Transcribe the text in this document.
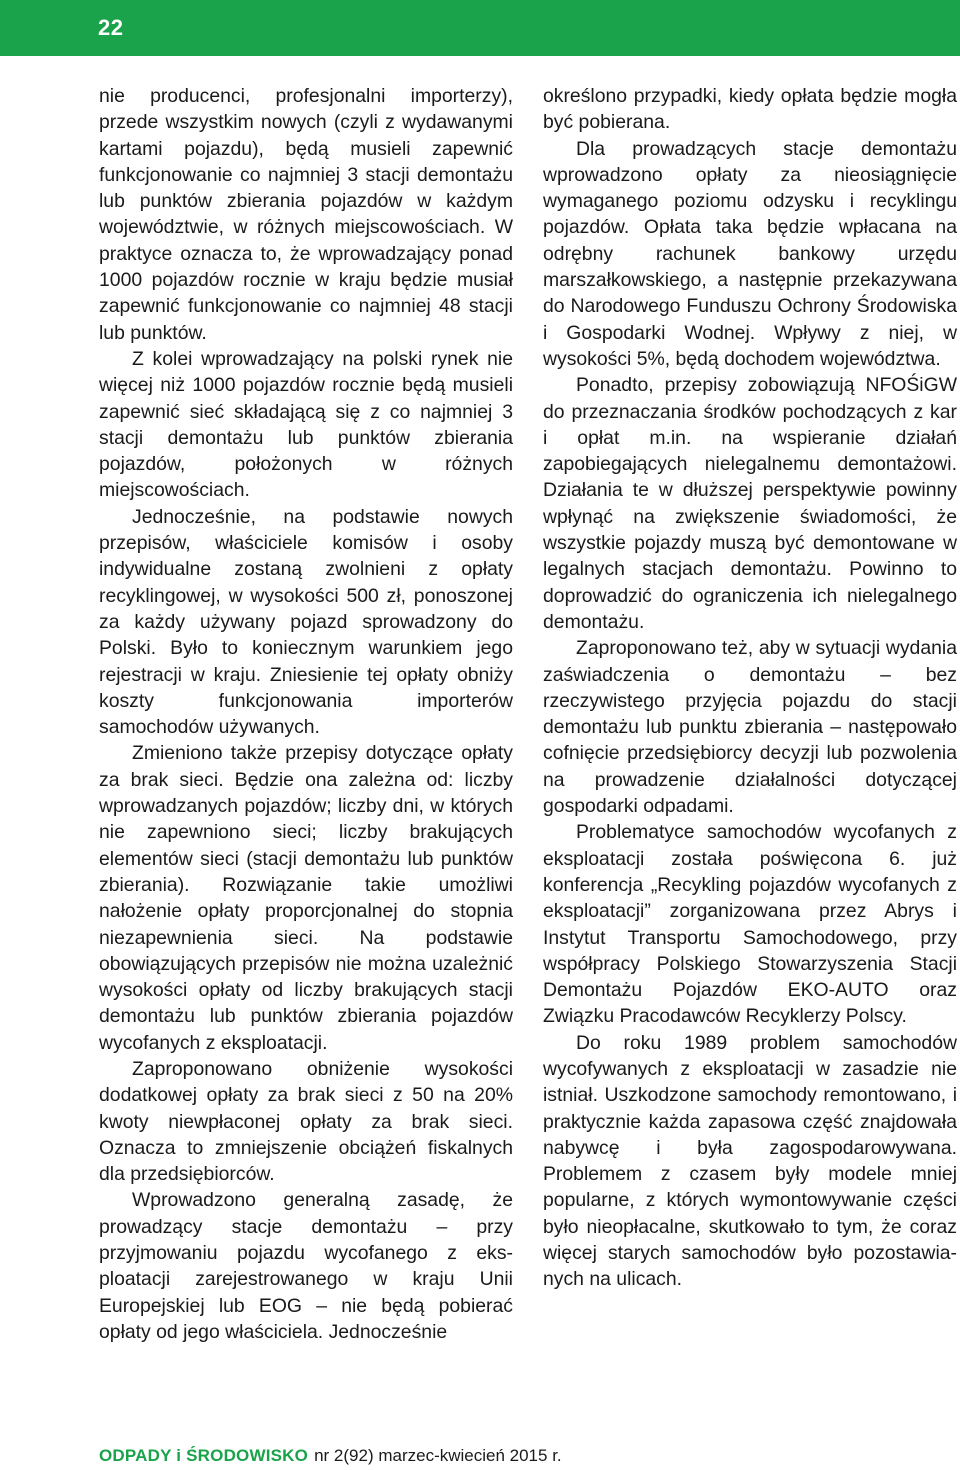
22

nie producenci, profesjonalni importerzy), przede wszystkim nowych (czyli z wydawanymi kartami pojazdu), będą musieli zapewnić funkcjonowanie co najmniej 3 stacji demontażu lub punktów zbierania pojazdów w każdym województwie, w różnych miejscowościach. W praktyce oznacza to, że wprowadzający ponad 1000 pojazdów rocznie w kraju będzie musiał zapewnić funkcjonowanie co najmniej 48 stacji lub punktów.

Z kolei wprowadzający na polski rynek nie więcej niż 1000 pojazdów rocznie będą musieli zapewnić sieć składającą się z co najmniej 3 stacji demontażu lub punktów zbierania pojazdów, położonych w różnych miejscowościach.

Jednocześnie, na podstawie nowych przepisów, właściciele komisów i osoby indywidualne zostaną zwolnieni z opłaty recyklingowej, w wysokości 500 zł, ponoszonej za każdy używany pojazd sprowadzony do Polski. Było to koniecznym warunkiem jego rejestracji w kraju. Zniesienie tej opłaty obniży koszty funkcjonowania importerów samochodów używanych.

Zmieniono także przepisy dotyczące opłaty za brak sieci. Będzie ona zależna od: liczby wprowadzanych pojazdów; liczby dni, w których nie zapewniono sieci; liczby brakujących elementów sieci (stacji demontażu lub punktów zbierania). Rozwiązanie takie umożliwi nałożenie opłaty proporcjonalnej do stopnia niezapewnienia sieci. Na podstawie obowiązujących przepisów nie można uzależnić wysokości opłaty od liczby brakujących stacji demontażu lub punktów zbierania pojazdów wycofanych z eksploatacji.

Zaproponowano obniżenie wysokości dodatkowej opłaty za brak sieci z 50 na 20% kwoty niewpłaconej opłaty za brak sieci. Oznacza to zmniejszenie obciążeń fiskalnych dla przedsiębiorców.

Wprowadzono generalną zasadę, że prowadzący stacje demontażu – przy przyjmowaniu pojazdu wycofanego z eksploatacji zarejestrowanego w kraju Unii Europejskiej lub EOG – nie będą pobierać opłaty od jego właściciela. Jednocześnie

określono przypadki, kiedy opłata będzie mogła być pobierana.

Dla prowadzących stacje demontażu wprowadzono opłaty za nieosiągnięcie wymaganego poziomu odzysku i recyklingu pojazdów. Opłata taka będzie wpłacana na odrębny rachunek bankowy urzędu marszałkowskiego, a następnie przekazywana do Narodowego Funduszu Ochrony Środowiska i Gospodarki Wodnej. Wpływy z niej, w wysokości 5%, będą dochodem województwa.

Ponadto, przepisy zobowiązują NFOŚiGW do przeznaczania środków pochodzących z kar i opłat m.in. na wspieranie działań zapobiegających nielegalnemu demontażowi. Działania te w dłuższej perspektywie powinny wpłynąć na zwiększenie świadomości, że wszystkie pojazdy muszą być demontowane w legalnych stacjach demontażu. Powinno to doprowadzić do ograniczenia ich nielegalnego demontażu.

Zaproponowano też, aby w sytuacji wydania zaświadczenia o demontażu – bez rzeczywistego przyjęcia pojazdu do stacji demontażu lub punktu zbierania – następowało cofnięcie przedsiębiorcy decyzji lub pozwolenia na prowadzenie działalności dotyczącej gospodarki odpadami.

Problematyce samochodów wycofanych z eksploatacji została poświęcona 6. już konferencja „Recykling pojazdów wycofanych z eksploatacji” zorganizowana przez Abrys i Instytut Transportu Samochodowego, przy współpracy Polskiego Stowarzyszenia Stacji Demontażu Pojazdów EKO-AUTO oraz Związku Pracodawców Recyklerzy Polscy.

Do roku 1989 problem samochodów wycofywanych z eksploatacji w zasadzie nie istniał. Uszkodzone samochody remontowano, i praktycznie każda zapasowa część znajdowała nabywcę i była zagospodarowywana. Problemem z czasem były modele mniej popularne, z których wymontowywanie części było nieopłacalne, skutkowało to tym, że coraz więcej starych samochodów było pozostawianych na ulicach.

ODPADY i ŚRODOWISKO nr 2(92) marzec-kwiecień 2015 r.
